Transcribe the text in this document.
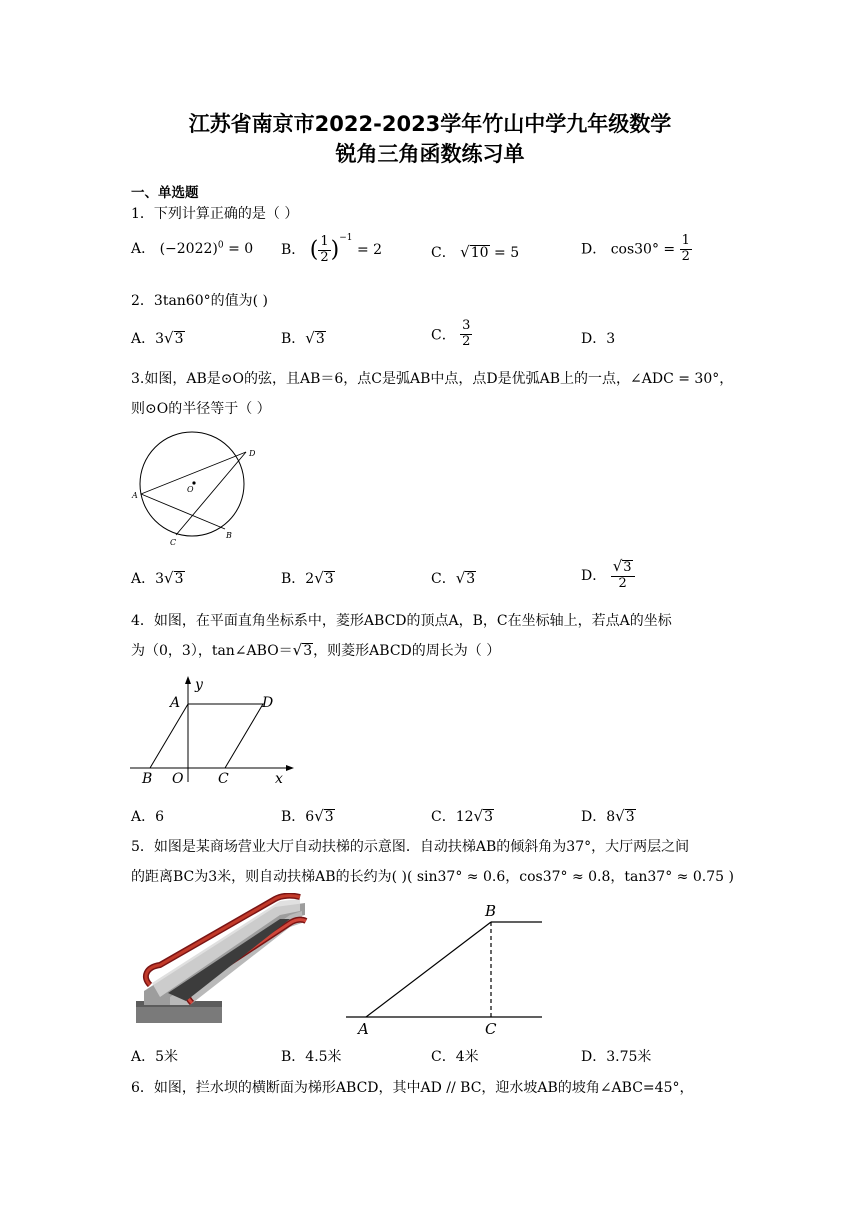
江苏省南京市2022-2023学年竹山中学九年级数学
锐角三角函数练习单
一、单选题
1．下列计算正确的是（ ）
A． $(-2022)^0 = 0$ B． ( $\frac{1}{2} )^{-1} = 2$	C． √10 = 5	D． $\cos 30^\circ = \frac{1}{2}$
2．3tan60°的值为( )
A．3√3	B．√3	C． $\frac{3}{2}$	D．3
3.如图，AB是⊙O的弦，且AB＝6，点C是弧AB中点，点D是优弧AB上的一点，∠ADC = 30°，
则⊙O的半径等于（ ）
A
D
O
C
B
A．3√3	B．2√3	C．√3	D． $\frac{√3}{2}$
4．如图，在平面直角坐标系中，菱形ABCD的顶点A，B，C在坐标轴上，若点A的坐标
为（0，3），tan∠ABO＝√3，则菱形ABCD的周长为（ ）
A
y
D
B O C	x
A．6	B．6√3	C．12√3	D．8√3
5．如图是某商场营业大厅自动扶梯的示意图．自动扶梯AB的倾斜角为37°，大厅两层之间
的距离BC为3米，则自动扶梯AB的长约为( )( sin37° ≈ 0.6，cos37° ≈ 0.8，tan37° ≈ 0.75 )
B
A	C
A．5米	B．4.5米	C．4米	D．3.75米
6．如图，拦水坝的横断面为梯形ABCD，其中AD // BC，迎水坡AB的坡角∠ABC=45°，
